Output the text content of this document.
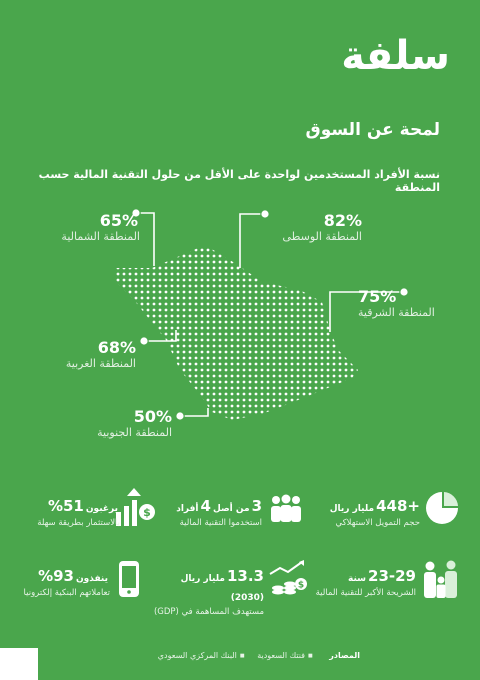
سلفة
لمحة عن السوق
نسبة الأفراد المستخدمين لواحدة على الأقل من حلول التقنية المالية حسب المنطقة
65%
المنطقة الشمالية
82%
المنطقة الوسطى
75%
المنطقة الشرقية
68%
المنطقة الغربية
50%
المنطقة الجنوبية
$
يرغبون51%
بالاستثمار بطريقة سهلة
3من أصل4أفراد
استخدموا التقنية المالية
+448مليار ريال
حجم التمويل الاستهلاكي
ينفذون93%
تعاملاتهم البنكية إلكترونيا
$
13.3مليار ريال (2030)
مستهدف المساهمة في (GDP)
23-29سنة
الشريحة الأكبر للتقنية المالية
المصادر ■ فنتك السعودية ■ البنك المركزي السعودي
